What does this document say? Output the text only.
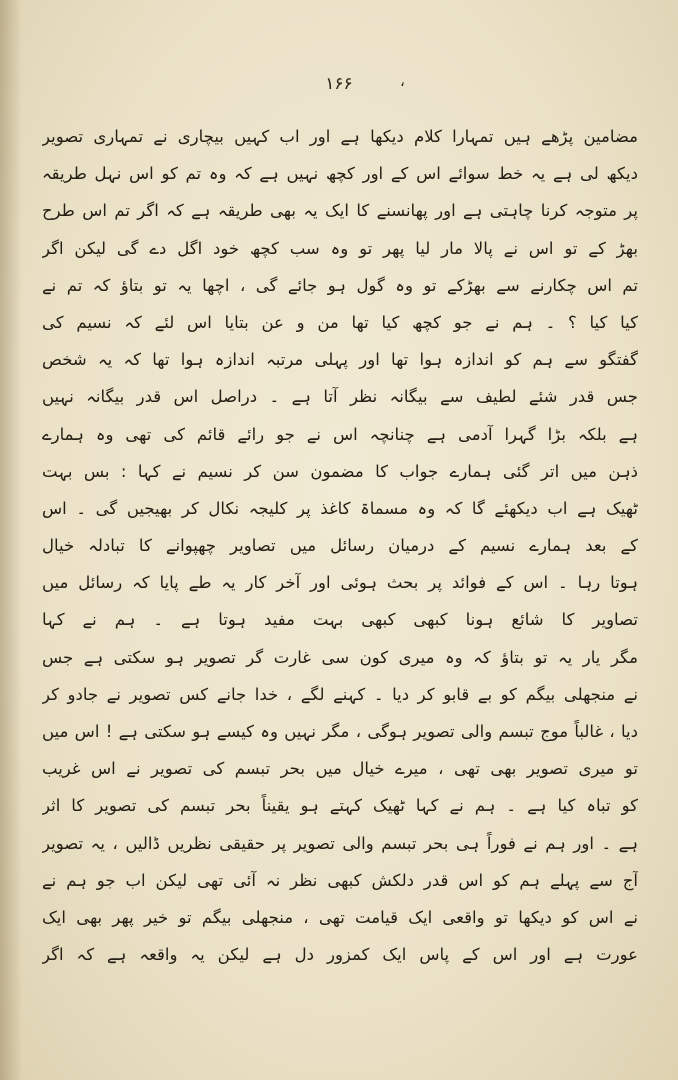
۱۶۶	،
مضامین پڑھے ہیں تمہارا کلام دیکھا ہے اور اب کہیں بیچاری نے تمہاری تصویر
دیکھ لی ہے یہ خط سوائے اس کے اور کچھ نہیں ہے کہ وہ تم کو اس نہل طریقہ
پر متوجہ کرنا چاہتی ہے اور پھانسنے کا ایک یہ بھی طریقہ ہے کہ اگر تم اس طرح
بھڑ کے تو اس نے پالا مار لیا پھر تو وہ سب کچھ خود اگل دے گی لیکن اگر
تم اس چکارنے سے بھڑکے تو وہ گول ہو جائے گی ، اچھا یہ تو بتاؤ کہ تم نے
کیا کیا ؟ ۔ ہم نے جو کچھ کیا تھا من و عن بتایا اس لئے کہ نسیم کی
گفتگو سے ہم کو اندازہ ہوا تھا اور پہلی مرتبہ اندازہ ہوا تھا کہ یہ شخص
جس قدر شئے لطیف سے بیگانہ نظر آتا ہے ۔ دراصل اس قدر بیگانہ نہیں
ہے بلکہ بڑا گہرا آدمی ہے چنانچہ اس نے جو رائے قائم کی تھی وہ ہمارے
ذہن میں اتر گئی ہمارے جواب کا مضمون سن کر نسیم نے کہا : بس بہت
ٹھیک ہے اب دیکھئے گا کہ وہ مسماۃ کاغذ پر کلیجہ نکال کر بھیجیں گی ۔ اس
کے بعد ہمارے نسیم کے درمیان رسائل میں تصاویر چھپوانے کا تبادلہ خیال
ہوتا رہا ۔ اس کے فوائد پر بحث ہوئی اور آخر کار یہ طے پایا کہ رسائل میں
تصاویر کا شائع ہونا کبھی کبھی بہت مفید ہوتا ہے ۔ ہم نے کہا
مگر یار یہ تو بتاؤ کہ وہ میری کون سی غارت گر تصویر ہو سکتی ہے جس
نے منجھلی بیگم کو بے قابو کر دیا ۔ کہنے لگے ، خدا جانے کس تصویر نے جادو کر
دیا ، غالباً موج تبسم والی تصویر ہوگی ، مگر نہیں وہ کیسے ہو سکتی ہے ! اس میں
تو میری تصویر بھی تھی ، میرے خیال میں بحر تبسم کی تصویر نے اس غریب
کو تباہ کیا ہے ۔ ہم نے کہا ٹھیک کہتے ہو یقیناً بحر تبسم کی تصویر کا اثر
ہے ۔ اور ہم نے فوراً ہی بحر تبسم والی تصویر پر حقیقی نظریں ڈالیں ، یہ تصویر
آج سے پہلے ہم کو اس قدر دلکش کبھی نظر نہ آئی تھی لیکن اب جو ہم نے
نے اس کو دیکھا تو واقعی ایک قیامت تھی ، منجھلی بیگم تو خیر پھر بھی ایک
عورت ہے اور اس کے پاس ایک کمزور دل ہے لیکن یہ واقعہ ہے کہ اگر
